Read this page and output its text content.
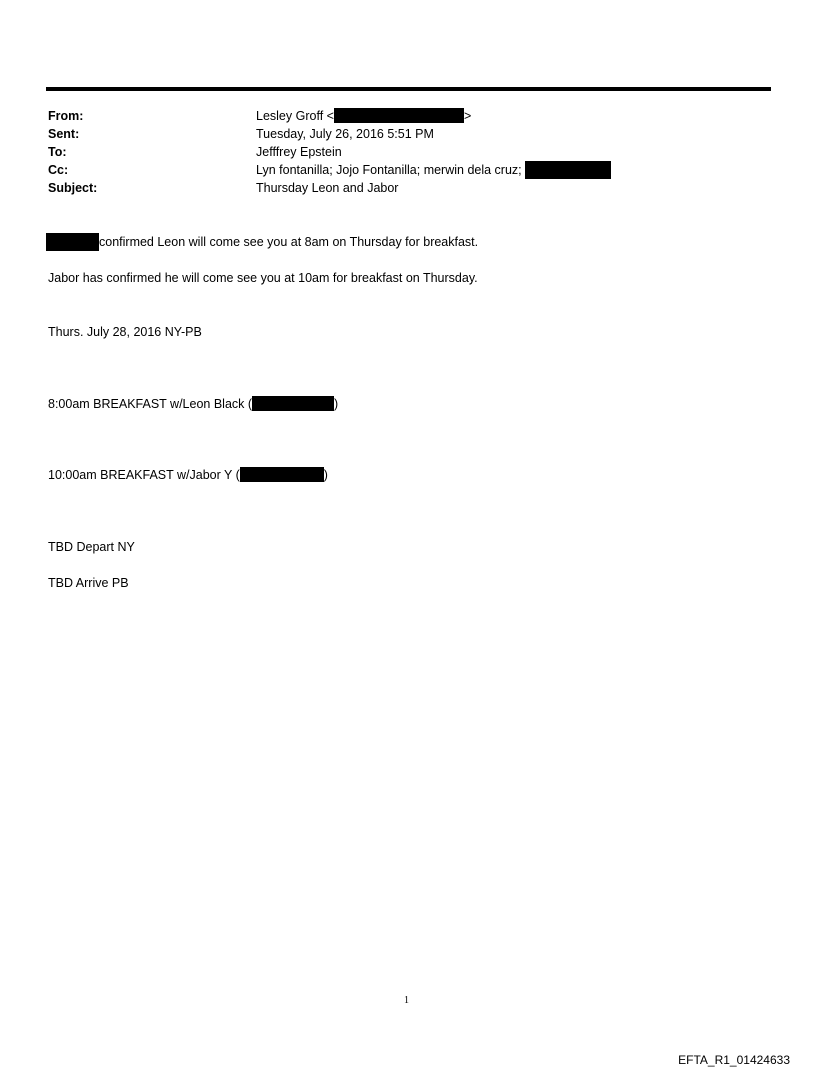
From:	Lesley Groff <	>
Sent:	Tuesday, July 26, 2016 5:51 PM
To:	Jefffrey Epstein
Cc:	Lyn fontanilla; Jojo Fontanilla; merwin dela cruz;
Subject:	Thursday Leon and Jabor
confirmed Leon will come see you at 8am on Thursday for breakfast.
Jabor has confirmed he will come see you at 10am for breakfast on Thursday.
Thurs. July 28, 2016 NY-PB
8:00am BREAKFAST w/Leon Black (	)
10:00am BREAKFAST w/Jabor Y (	)
TBD Depart NY
TBD Arrive PB
1
EFTA_R1_01424633
